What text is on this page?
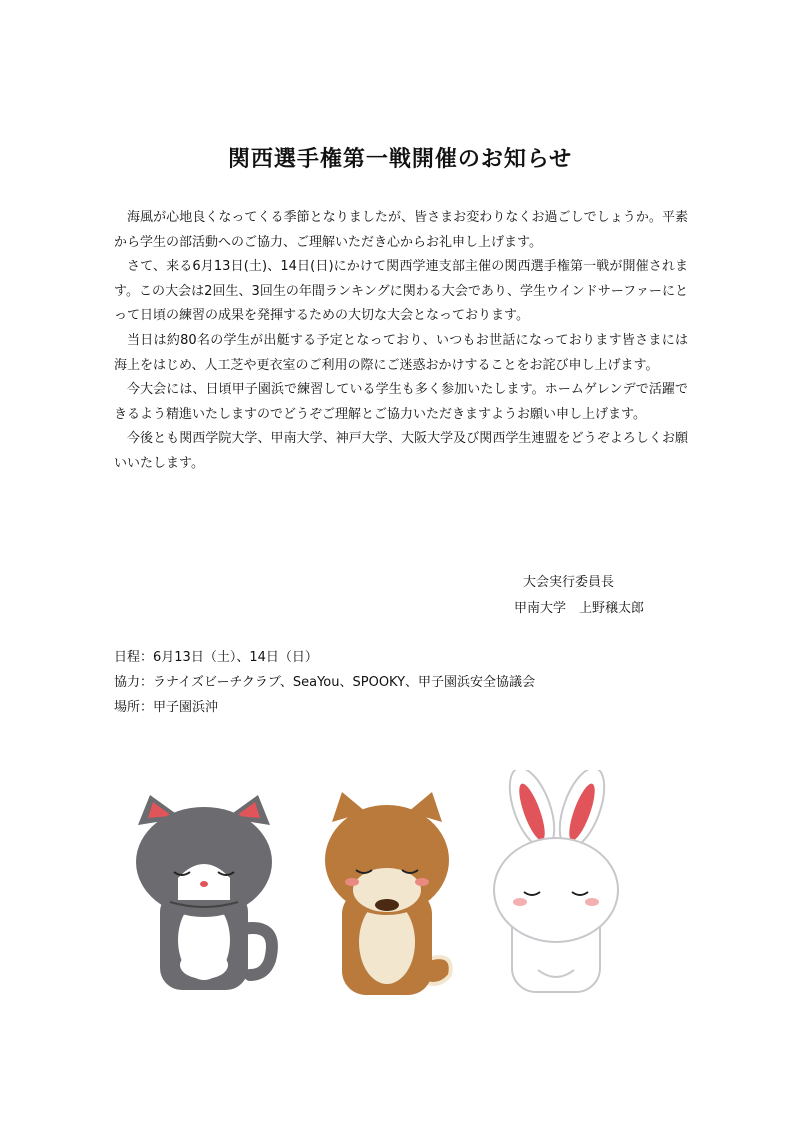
関西選手権第一戦開催のお知らせ

海風が心地良くなってくる季節となりましたが、皆さまお変わりなくお過ごしでしょうか。平素から学生の部活動へのご協力、ご理解いただき心からお礼申し上げます。

さて、来る6月13日(土)、14日(日)にかけて関西学連支部主催の関西選手権第一戦が開催されます。この大会は2回生、3回生の年間ランキングに関わる大会であり、学生ウインドサーファーにとって日頃の練習の成果を発揮するための大切な大会となっております。

当日は約80名の学生が出艇する予定となっており、いつもお世話になっております皆さまには海上をはじめ、人工芝や更衣室のご利用の際にご迷惑おかけすることをお詫び申し上げます。

今大会には、日頃甲子園浜で練習している学生も多く参加いたします。ホームゲレンデで活躍できるよう精進いたしますのでどうぞご理解とご協力いただきますようお願い申し上げます。

今後とも関西学院大学、甲南大学、神戸大学、大阪大学及び関西学生連盟をどうぞよろしくお願いいたします。

大会実行委員長
甲南大学　上野穣太郎
日程：6月13日（土）、14日（日）
協力：ラナイズビーチクラブ、SeaYou、SPOOKY、甲子園浜安全協議会
場所：甲子園浜沖
